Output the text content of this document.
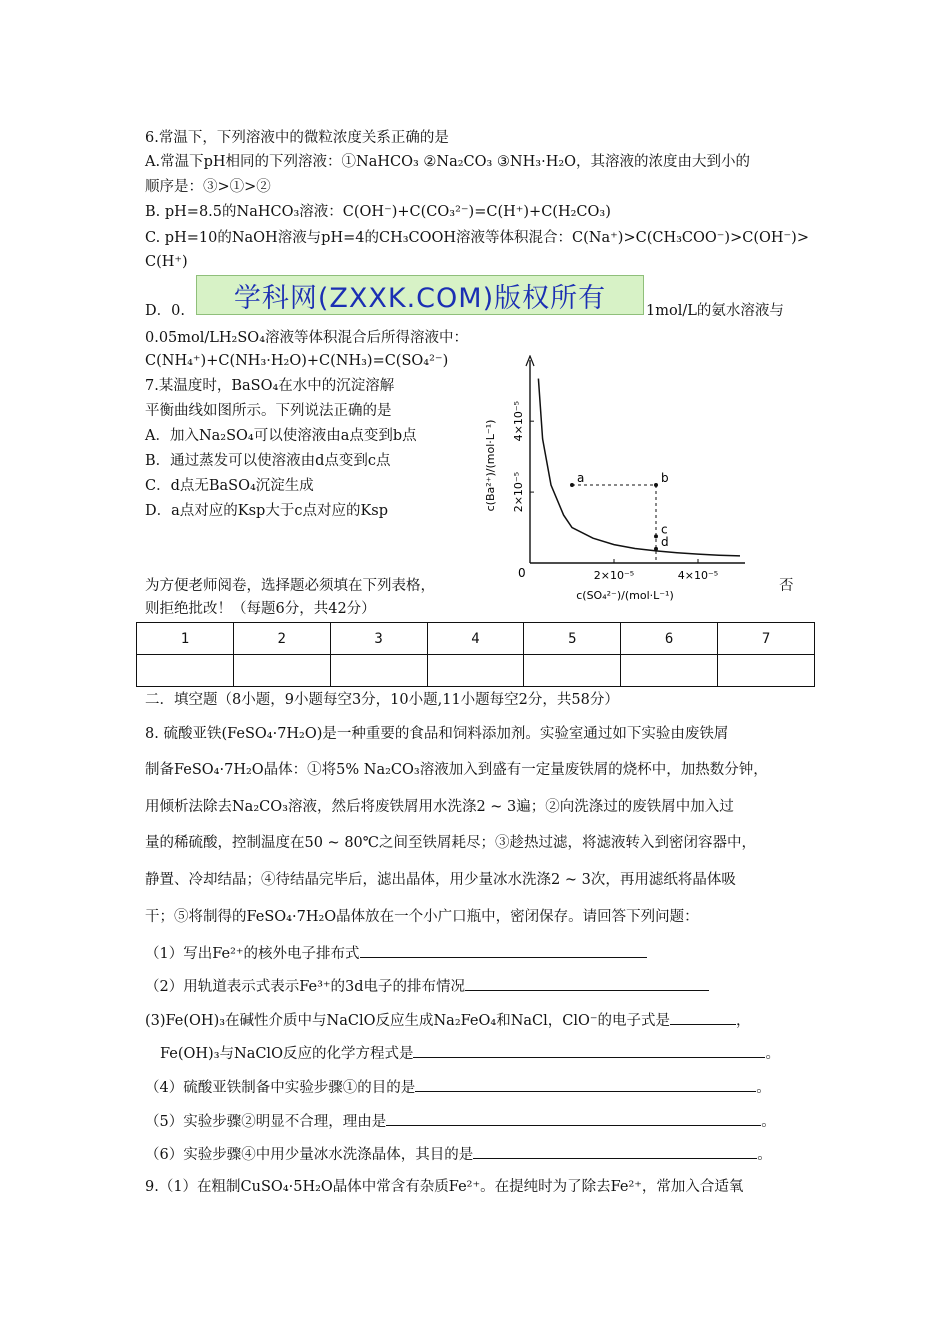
6.常温下，下列溶液中的微粒浓度关系正确的是
A.常温下pH相同的下列溶液：①NaHCO₃ ②Na₂CO₃ ③NH₃·H₂O，其溶液的浓度由大到小的
顺序是：③>①>②
B. pH=8.5的NaHCO₃溶液：C(OH⁻)+C(CO₃²⁻)=C(H⁺)+C(H₂CO₃)
C. pH=10的NaOH溶液与pH=4的CH₃COOH溶液等体积混合：C(Na⁺)>C(CH₃COO⁻)>C(OH⁻)>
C(H⁺)
D．0.	学科网(ZXXK.COM)版权所有	1mol/L的氨水溶液与
0.05mol/LH₂SO₄溶液等体积混合后所得溶液中：
C(NH₄⁺)+C(NH₃·H₂O)+C(NH₃)=C(SO₄²⁻)
7.某温度时，BaSO₄在水中的沉淀溶解
平衡曲线如图所示。下列说法正确的是
A．加入Na₂SO₄可以使溶液由a点变到b点
B．通过蒸发可以使溶液由d点变到c点
C．d点无BaSO₄沉淀生成
D．a点对应的Ksp大于c点对应的Ksp
0	2×10⁻⁵	4×10⁻⁵
2×10⁻⁵
4×10⁻⁵
c(SO₄²⁻)/(mol·L⁻¹)
c(Ba²⁺)/(mol·L⁻¹)	a	b
c
d
为方便老师阅卷，选择题必须填在下列表格，	否
则拒绝批改！（每题6分，共42分）
1	2	3	4	5	6	7

二．填空题（8小题，9小题每空3分，10小题,11小题每空2分，共58分）
8. 硫酸亚铁(FeSO₄·7H₂O)是一种重要的食品和饲料添加剂。实验室通过如下实验由废铁屑
制备FeSO₄·7H₂O晶体：①将5% Na₂CO₃溶液加入到盛有一定量废铁屑的烧杯中，加热数分钟，
用倾析法除去Na₂CO₃溶液，然后将废铁屑用水洗涤2 ~ 3遍；②向洗涤过的废铁屑中加入过
量的稀硫酸，控制温度在50 ~ 80℃之间至铁屑耗尽；③趁热过滤，将滤液转入到密闭容器中，
静置、冷却结晶；④待结晶完毕后，滤出晶体，用少量冰水洗涤2 ~ 3次，再用滤纸将晶体吸
干；⑤将制得的FeSO₄·7H₂O晶体放在一个小广口瓶中，密闭保存。请回答下列问题：
（1）写出Fe²⁺的核外电子排布式
（2）用轨道表示式表示Fe³⁺的3d电子的排布情况
(3)Fe(OH)₃在碱性介质中与NaClO反应生成Na₂FeO₄和NaCl，ClO⁻的电子式是	，
Fe(OH)₃与NaClO反应的化学方程式是	。
（4）硫酸亚铁制备中实验步骤①的目的是	。
（5）实验步骤②明显不合理，理由是	。
（6）实验步骤④中用少量冰水洗涤晶体，其目的是	。
9.（1）在粗制CuSO₄·5H₂O晶体中常含有杂质Fe²⁺。在提纯时为了除去Fe²⁺，常加入合适氧
